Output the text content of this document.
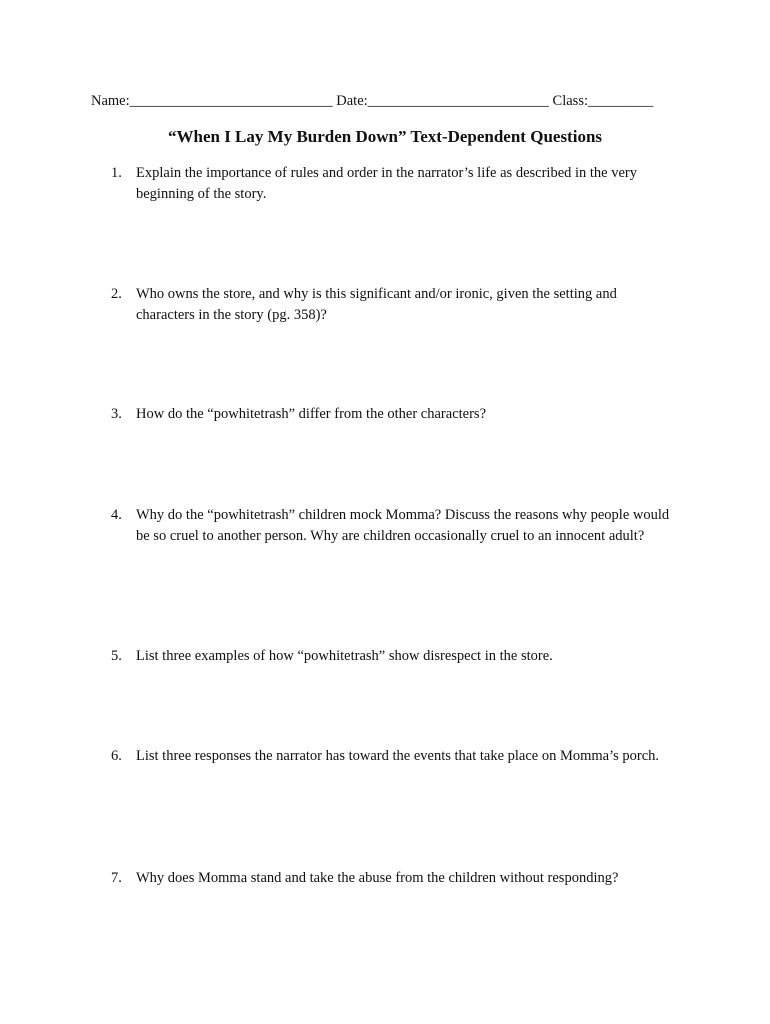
Name:____________________________ Date:_________________________ Class:_________
“When I Lay My Burden Down” Text-Dependent Questions
1. Explain the importance of rules and order in the narrator’s life as described in the very beginning of the story.
2. Who owns the store, and why is this significant and/or ironic, given the setting and characters in the story (pg. 358)?
3. How do the “powhitetrash” differ from the other characters?
4. Why do the “powhitetrash” children mock Momma? Discuss the reasons why people would be so cruel to another person. Why are children occasionally cruel to an innocent adult?
5. List three examples of how “powhitetrash” show disrespect in the store.
6. List three responses the narrator has toward the events that take place on Momma’s porch.
7. Why does Momma stand and take the abuse from the children without responding?
